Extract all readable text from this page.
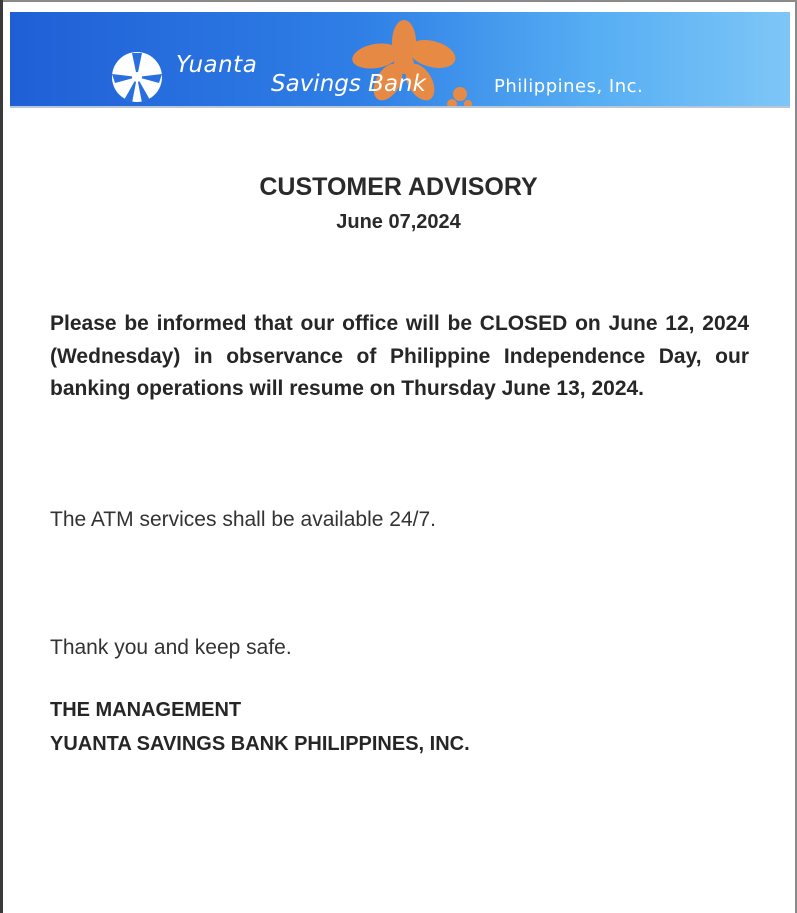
Yuanta
Savings Bank	Philippines, Inc.
CUSTOMER ADVISORY
June 07,2024

Please be informed that our office will be CLOSED on June 12, 2024 (Wednesday) in observance of Philippine Independence Day, our banking operations will resume on Thursday June 13, 2024.

The ATM services shall be available 24/7.

Thank you and keep safe.

THE MANAGEMENT
YUANTA SAVINGS BANK PHILIPPINES, INC.
